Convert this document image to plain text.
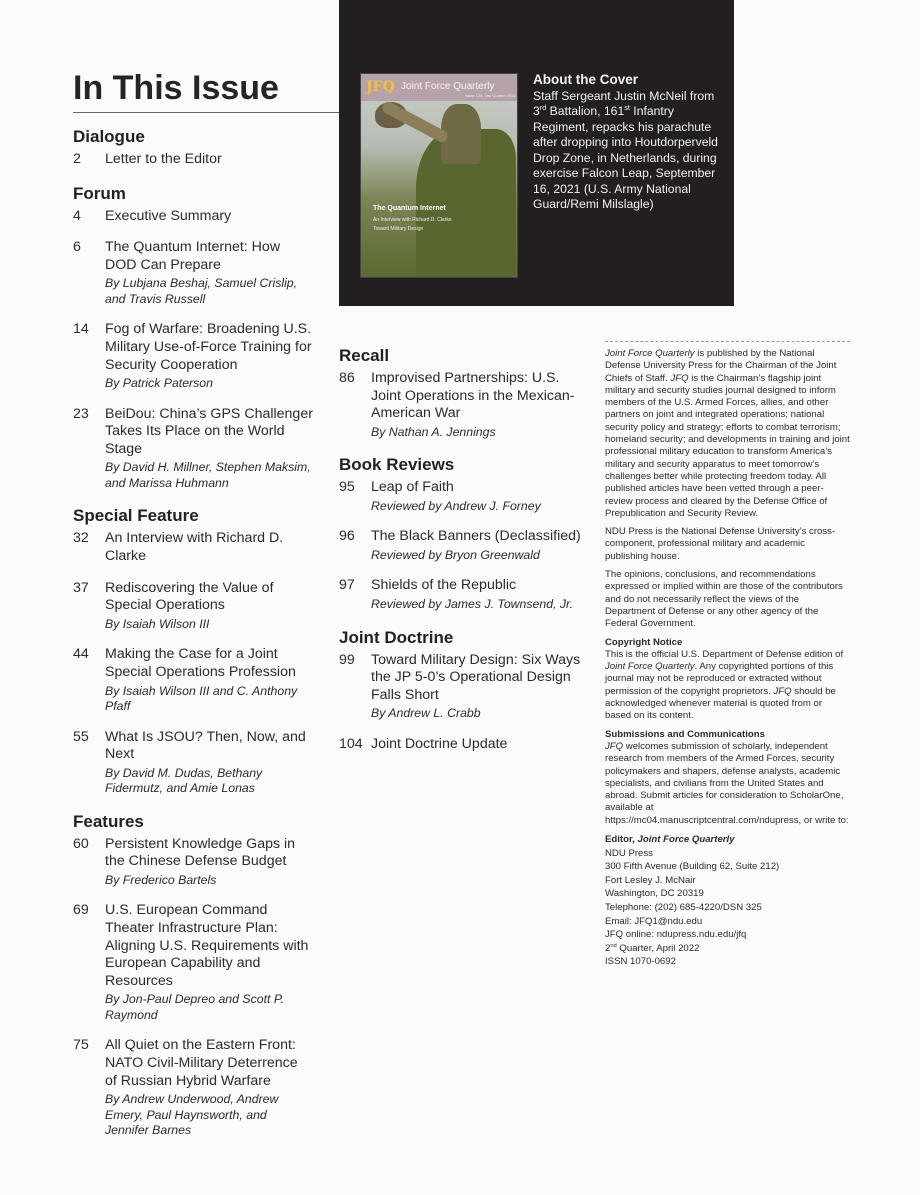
In This Issue
Dialogue
2	Letter to the Editor
Forum
4	Executive Summary
6	The Quantum Internet: How DOD Can Prepare
By Lubjana Beshaj, Samuel Crislip, and Travis Russell
14	Fog of Warfare: Broadening U.S. Military Use-of-Force Training for Security Cooperation
By Patrick Paterson
23	BeiDou: China’s GPS Challenger Takes Its Place on the World Stage
By David H. Millner, Stephen Maksim, and Marissa Huhmann
Special Feature
32	An Interview with Richard D. Clarke
37	Rediscovering the Value of Special Operations
By Isaiah Wilson III
44	Making the Case for a Joint Special Operations Profession
By Isaiah Wilson III and C. Anthony Pfaff
55	What Is JSOU? Then, Now, and Next
By David M. Dudas, Bethany Fidermutz, and Amie Lonas
Features
60	Persistent Knowledge Gaps in the Chinese Defense Budget
By Frederico Bartels
69	U.S. European Command Theater Infrastructure Plan: Aligning U.S. Requirements with European Capability and Resources
By Jon-Paul Depreo and Scott P. Raymond
75	All Quiet on the Eastern Front: NATO Civil-Military Deterrence of Russian Hybrid Warfare
By Andrew Underwood, Andrew Emery, Paul Haynsworth, and Jennifer Barnes
Recall
86	Improvised Partnerships: U.S. Joint Operations in the Mexican-American War
By Nathan A. Jennings
Book Reviews
95	Leap of Faith
Reviewed by Andrew J. Forney
96	The Black Banners (Declassified)
Reviewed by Bryon Greenwald
97	Shields of the Republic
Reviewed by James J. Townsend, Jr.
Joint Doctrine
99	Toward Military Design: Six Ways the JP 5-0’s Operational Design Falls Short
By Andrew L. Crabb
104 Joint Doctrine Update
JFQ Joint Force Quarterly
Issue 105, 2nd Quarter 2022
The Quantum Internet
An Interview with Richard D. Clarke
Toward Military Design
About the Cover
Staff Sergeant Justin McNeil from 3rd Battalion, 161st Infantry Regiment, repacks his parachute after dropping into Houtdorperveld Drop Zone, in Netherlands, during exercise Falcon Leap, September 16, 2021 (U.S. Army National Guard/Remi Milslagle)

Joint Force Quarterly is published by the National Defense University Press for the Chairman of the Joint Chiefs of Staff. JFQ is the Chairman’s flagship joint military and security studies journal designed to inform members of the U.S. Armed Forces, allies, and other partners on joint and integrated operations; national security policy and strategy; efforts to combat terrorism; homeland security; and developments in training and joint professional military education to transform America’s military and security apparatus to meet tomorrow’s challenges better while protecting freedom today. All published articles have been vetted through a peer-review process and cleared by the Defense Office of Prepublication and Security Review.

NDU Press is the National Defense University’s cross-component, professional military and academic publishing house.

The opinions, conclusions, and recommendations expressed or implied within are those of the contributors and do not necessarily reflect the views of the Department of Defense or any other agency of the Federal Government.

Copyright Notice
This is the official U.S. Department of Defense edition of Joint Force Quarterly. Any copyrighted portions of this journal may not be reproduced or extracted without permission of the copyright proprietors. JFQ should be acknowledged whenever material is quoted from or based on its content.

Submissions and Communications
JFQ welcomes submission of scholarly, independent research from members of the Armed Forces, security policymakers and shapers, defense analysts, academic specialists, and civilians from the United States and abroad. Submit articles for consideration to ScholarOne, available at https://mc04.manuscriptcentral.com/ndupress, or write to:

Editor, Joint Force Quarterly
NDU Press
300 Fifth Avenue (Building 62, Suite 212)
Fort Lesley J. McNair
Washington, DC 20319
Telephone: (202) 685-4220/DSN 325
Email: JFQ1@ndu.edu
JFQ online: ndupress.ndu.edu/jfq
2nd Quarter, April 2022
ISSN 1070-0692
